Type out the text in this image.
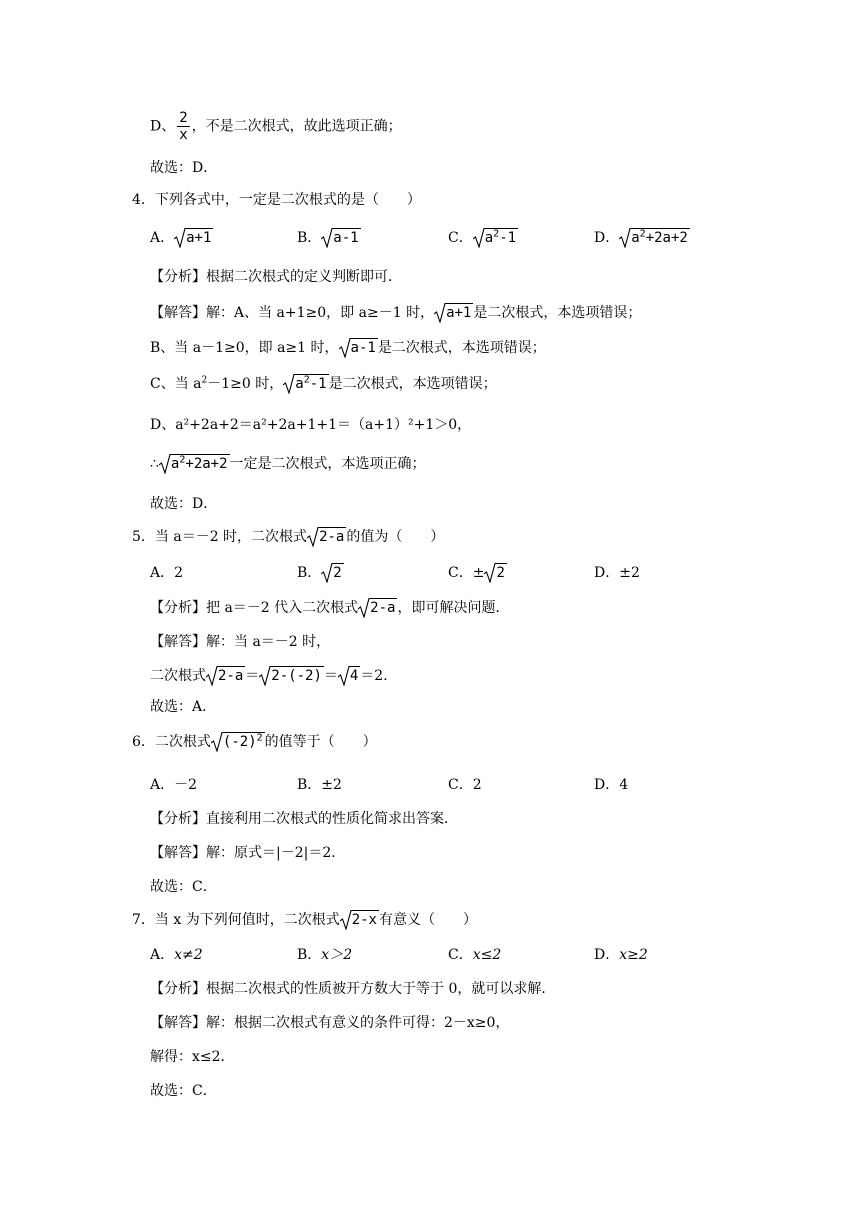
D、 $\frac{2}{x}$ ，不是二次根式，故此选项正确；
故选：D．
4．下列各式中，一定是二次根式的是（　　）
A． a+1	B． a-1	C． $a^2-1$	D． $a^2+2a+2$
【分析】根据二次根式的定义判断即可．
【解答】解：A、当 a+1≥0，即 a≥－1 时， a+1 是二次根式，本选项错误；
B、当 a－1≥0，即 a≥1 时， a-1 是二次根式，本选项错误；
C、当 $a^2-1\ge 0$ 时， $a^2-1$ 是二次根式，本选项错误；
D、a²+2a+2＝a²+2a+1+1＝（a+1）²+1＞0，
∴ $a^2+2a+2$ 一定是二次根式，本选项正确；
故选：D．
5．当 a＝－2 时，二次根式 2-a 的值为（　　）
A．2	B． 2	C．± 2	D．±2
【分析】把 a＝－2 代入二次根式 2-a ，即可解决问题．
【解答】解：当 a＝－2 时，
二次根式 2-a ＝ 2-(-2) ＝ 4 ＝2．
故选：A．
6．二次根式 $(-2)^2$ 的值等于（　　）
A．－2	B．±2	C．2	D．4
【分析】直接利用二次根式的性质化简求出答案．
【解答】解：原式＝|－2|＝2．
故选：C．
7．当 x 为下列何值时，二次根式 2-x 有意义（　　）
A．x≠2	B．x＞2	C．x≤2	D．x≥2
【分析】根据二次根式的性质被开方数大于等于 0，就可以求解．
【解答】解：根据二次根式有意义的条件可得：2－x≥0，
解得：x≤2．
故选：C．
